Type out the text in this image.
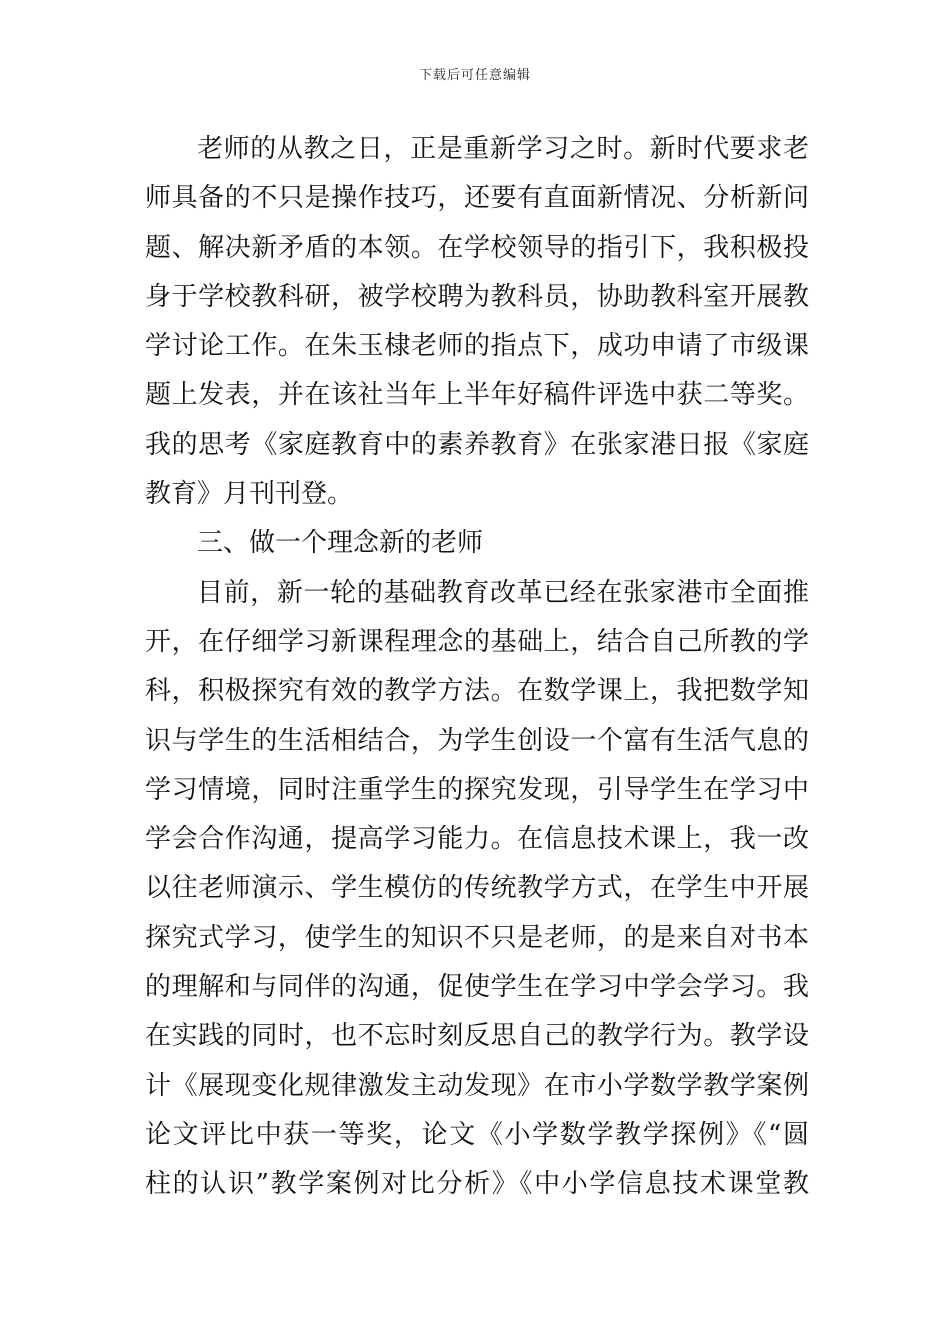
下载后可任意编辑
老师的从教之日，正是重新学习之时。新时代要求老
师具备的不只是操作技巧，还要有直面新情况、分析新问
题、解决新矛盾的本领。在学校领导的指引下，我积极投
身于学校教科研，被学校聘为教科员，协助教科室开展教
学讨论工作。在朱玉棣老师的指点下，成功申请了市级课
题上发表，并在该社当年上半年好稿件评选中获二等奖。
我的思考《家庭教育中的素养教育》在张家港日报《家庭
教育》月刊刊登。
三、做一个理念新的老师
目前，新一轮的基础教育改革已经在张家港市全面推
开，在仔细学习新课程理念的基础上，结合自己所教的学
科，积极探究有效的教学方法。在数学课上，我把数学知
识与学生的生活相结合，为学生创设一个富有生活气息的
学习情境，同时注重学生的探究发现，引导学生在学习中
学会合作沟通，提高学习能力。在信息技术课上，我一改
以往老师演示、学生模仿的传统教学方式，在学生中开展
探究式学习，使学生的知识不只是老师，的是来自对书本
的理解和与同伴的沟通，促使学生在学习中学会学习。我
在实践的同时，也不忘时刻反思自己的教学行为。教学设
计《展现变化规律激发主动发现》在市小学数学教学案例
论文评比中获一等奖，论文《小学数学教学探例》《“圆
柱的认识”教学案例对比分析》《中小学信息技术课堂教
